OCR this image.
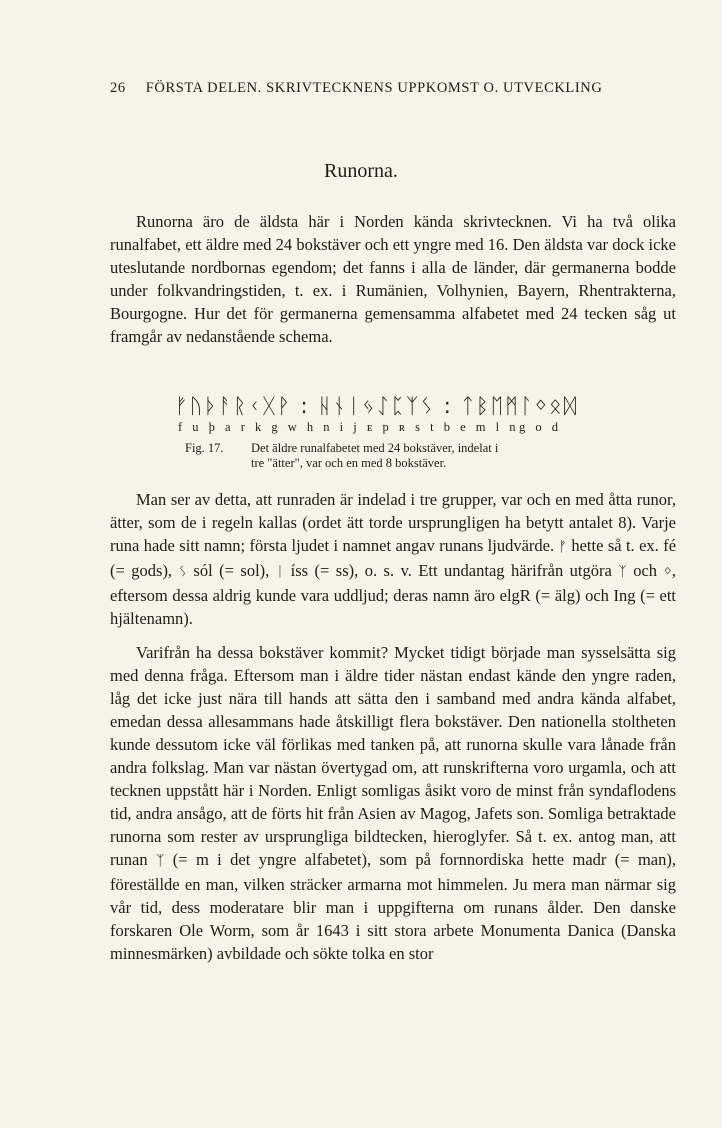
26 FÖRSTA DELEN. SKRIVTECKNENS UPPKOMST O. UTVECKLING
Runorna.

Runorna äro de äldsta här i Norden kända skrivtecknen. Vi ha två olika runalfabet, ett äldre med 24 bokstäver och ett yngre med 16. Den äldsta var dock icke uteslutande nordbornas egendom; det fanns i alla de länder, där germanerna bodde under folkvandringstiden, t. ex. i Rumänien, Volhynien, Bayern, Rhentrakterna, Bourgogne. Hur det för germanerna gemensamma alfabetet med 24 tecken såg ut framgår av nedanstående schema.

ᚠᚢᚦᚨᚱᚲᚷᚹ : ᚺᚾᛁᛃᛇᛈᛉᛊ : ᛏᛒᛖᛗᛚᛜᛟᛞ
f u þ a r k g w h n i j ᴇ p ʀ s t b e m l ng o d
Fig. 17. Det äldre runalfabetet med 24 bokstäver, indelat i
tre "ätter", var och en med 8 bokstäver.

Man ser av detta, att runraden är indelad i tre grupper, var och en med åtta runor, ätter, som de i regeln kallas (ordet ätt torde ursprungligen ha betytt antalet 8). Varje runa hade sitt namn; första ljudet i namnet angav runans ljudvärde. ᚠ hette så t. ex. fé (= gods), ᛊ sól (= sol), ᛁ íss (= ss), o. s. v. Ett undantag härifrån utgöra ᛉ och ᛜ, eftersom dessa aldrig kunde vara uddljud; deras namn äro elgR (= älg) och Ing (= ett hjältenamn).

Varifrån ha dessa bokstäver kommit? Mycket tidigt började man sysselsätta sig med denna fråga. Eftersom man i äldre tider nästan endast kände den yngre raden, låg det icke just nära till hands att sätta den i samband med andra kända alfabet, emedan dessa allesammans hade åtskilligt flera bokstäver. Den nationella stoltheten kunde dessutom icke väl förlikas med tanken på, att runorna skulle vara lånade från andra folkslag. Man var nästan övertygad om, att runskrifterna voro urgamla, och att tecknen uppstått här i Norden. Enligt somligas åsikt voro de minst från syndaflodens tid, andra ansågo, att de förts hit från Asien av Magog, Jafets son. Somliga betraktade runorna som rester av ursprungliga bildtecken, hieroglyfer. Så t. ex. antog man, att runan ᛉ (= m i det yngre alfabetet), som på fornnordiska hette madr (= man), föreställde en man, vilken sträcker armarna mot himmelen. Ju mera man närmar sig vår tid, dess moderatare blir man i uppgifterna om runans ålder. Den danske forskaren Ole Worm, som år 1643 i sitt stora arbete Monumenta Danica (Danska minnesmärken) avbildade och sökte tolka en stor
